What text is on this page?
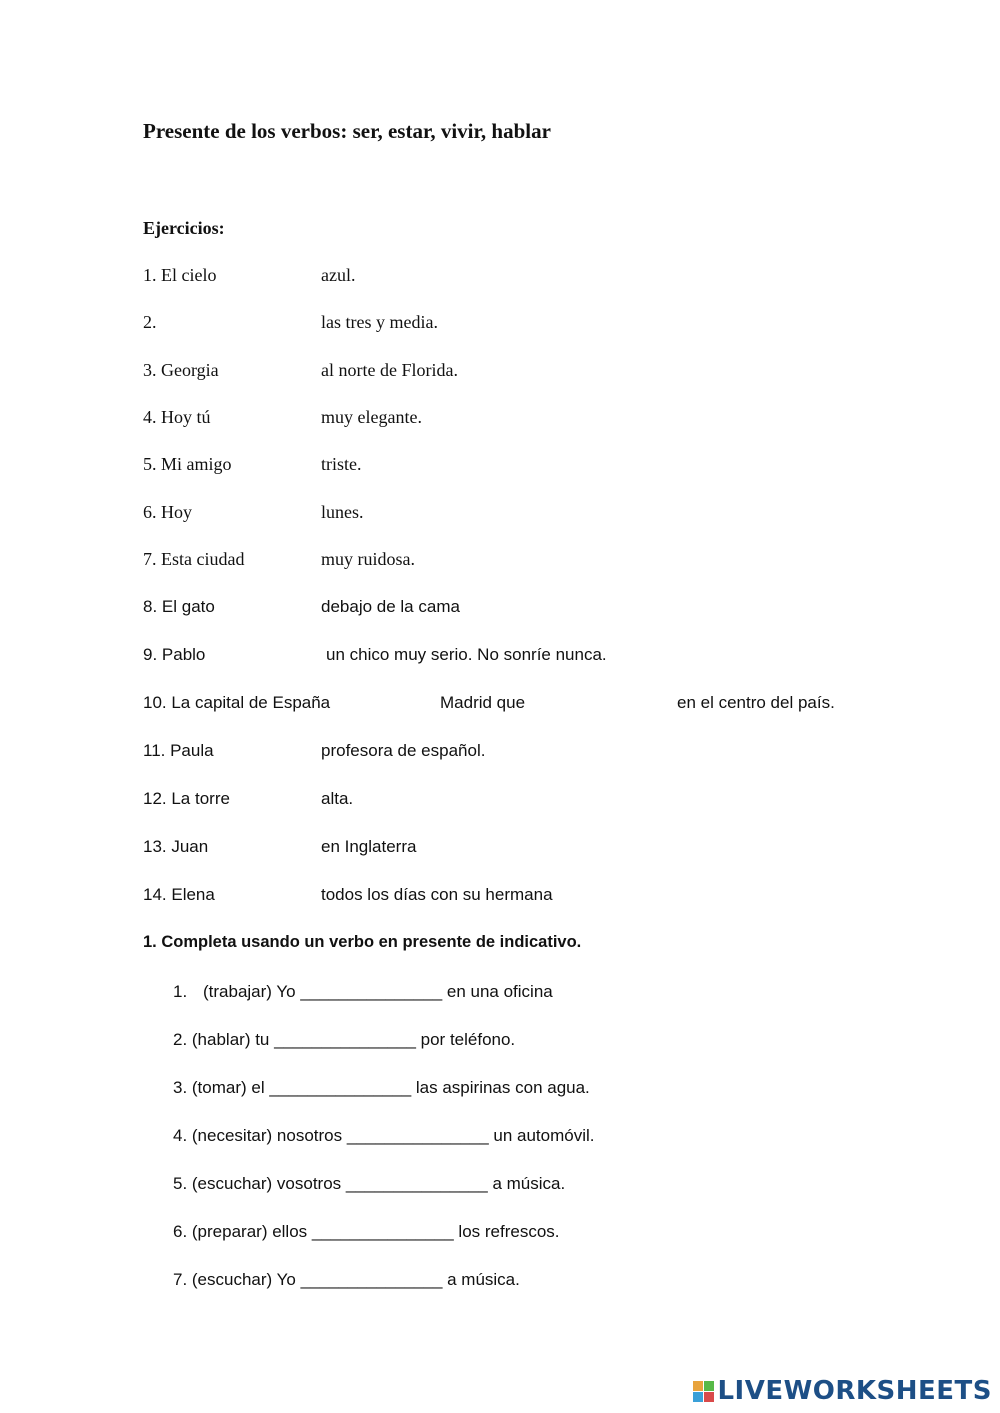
Presente de los verbos: ser, estar, vivir, hablar
Ejercicios:
1. El cielo	azul.
2.	las tres y media.
3. Georgia	al norte de Florida.
4. Hoy tú	muy elegante.
5. Mi amigo	triste.
6. Hoy	lunes.
7. Esta ciudad	muy ruidosa.
8. El gato	debajo de la cama
9. Pablo	un chico muy serio. No sonríe nunca.
10. La capital de España	Madrid que	en el centro del país.
11. Paula	profesora de español.
12. La torre	alta.
13. Juan	en Inglaterra
14. Elena	todos los días con su hermana
1. Completa usando un verbo en presente de indicativo.
1. (trabajar) Yo _______________ en una oficina
2. (hablar) tu _______________ por teléfono.
3. (tomar) el _______________ las aspirinas con agua.
4. (necesitar) nosotros _______________ un automóvil.
5. (escuchar) vosotros _______________ a música.
6. (preparar) ellos _______________ los refrescos.
7. (escuchar) Yo _______________ a música.
LIVEWORKSHEETS
